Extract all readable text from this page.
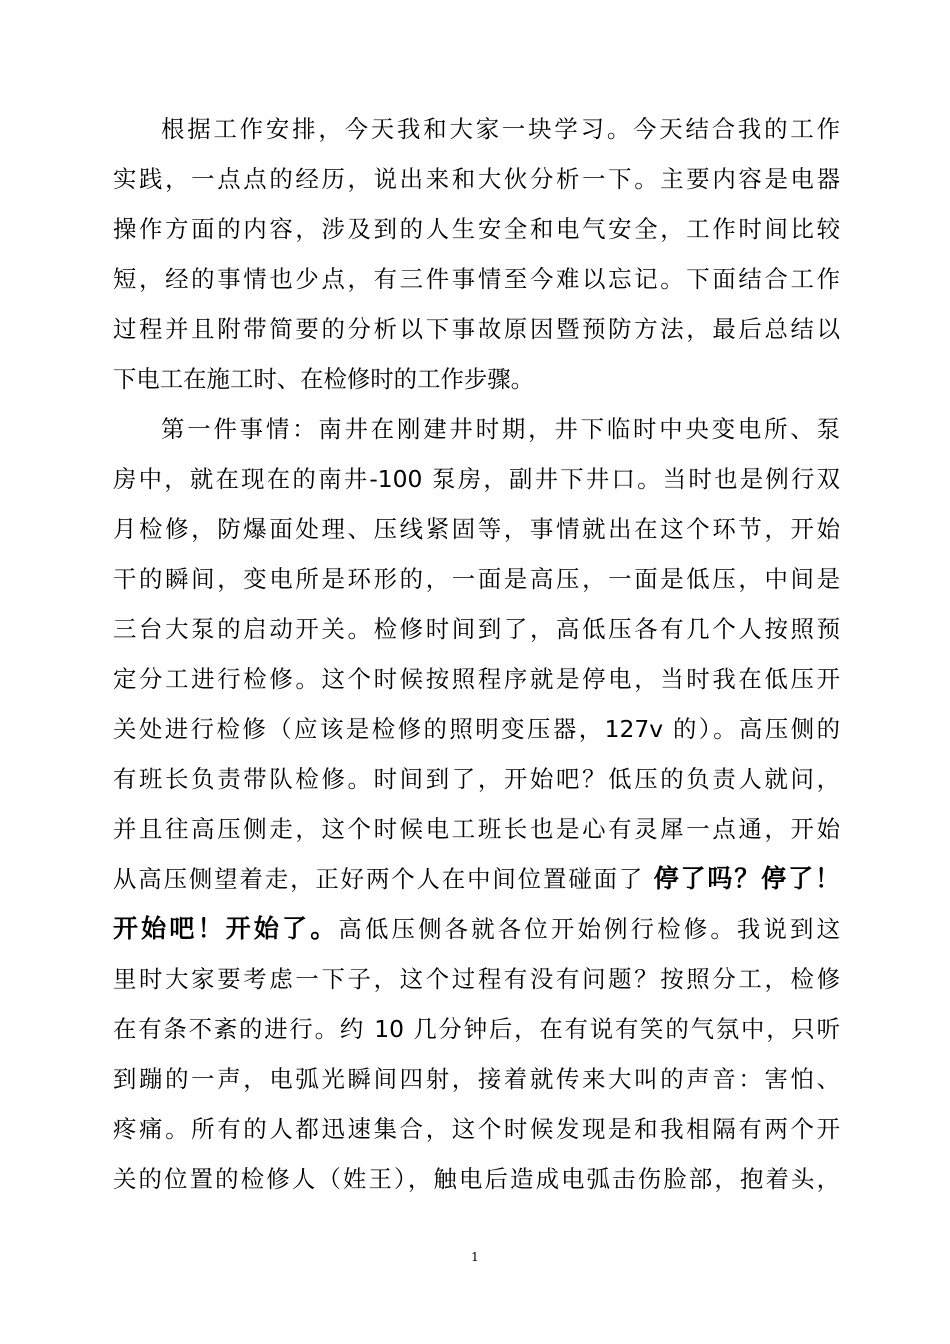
根据工作安排，今天我和大家一块学习。今天结合我的工作
实践，一点点的经历，说出来和大伙分析一下。主要内容是电器
操作方面的内容，涉及到的人生安全和电气安全，工作时间比较
短，经的事情也少点，有三件事情至今难以忘记。下面结合工作
过程并且附带简要的分析以下事故原因暨预防方法，最后总结以
下电工在施工时、在检修时的工作步骤。
第一件事情：南井在刚建井时期，井下临时中央变电所、泵
房中，就在现在的南井-100 泵房，副井下井口。当时也是例行双
月检修，防爆面处理、压线紧固等，事情就出在这个环节，开始
干的瞬间，变电所是环形的，一面是高压，一面是低压，中间是
三台大泵的启动开关。检修时间到了，高低压各有几个人按照预
定分工进行检修。这个时候按照程序就是停电，当时我在低压开
关处进行检修（应该是检修的照明变压器，127v 的）。高压侧的
有班长负责带队检修。时间到了，开始吧？低压的负责人就问，
并且往高压侧走，这个时候电工班长也是心有灵犀一点通，开始
从高压侧望着走，正好两个人在中间位置碰面了 停了吗？停了！
开始吧！开始了。高低压侧各就各位开始例行检修。我说到这
里时大家要考虑一下子，这个过程有没有问题？按照分工，检修
在有条不紊的进行。约 10 几分钟后，在有说有笑的气氛中，只听
到蹦的一声，电弧光瞬间四射，接着就传来大叫的声音：害怕、
疼痛。所有的人都迅速集合，这个时候发现是和我相隔有两个开
关的位置的检修人（姓王），触电后造成电弧击伤脸部，抱着头，
1
